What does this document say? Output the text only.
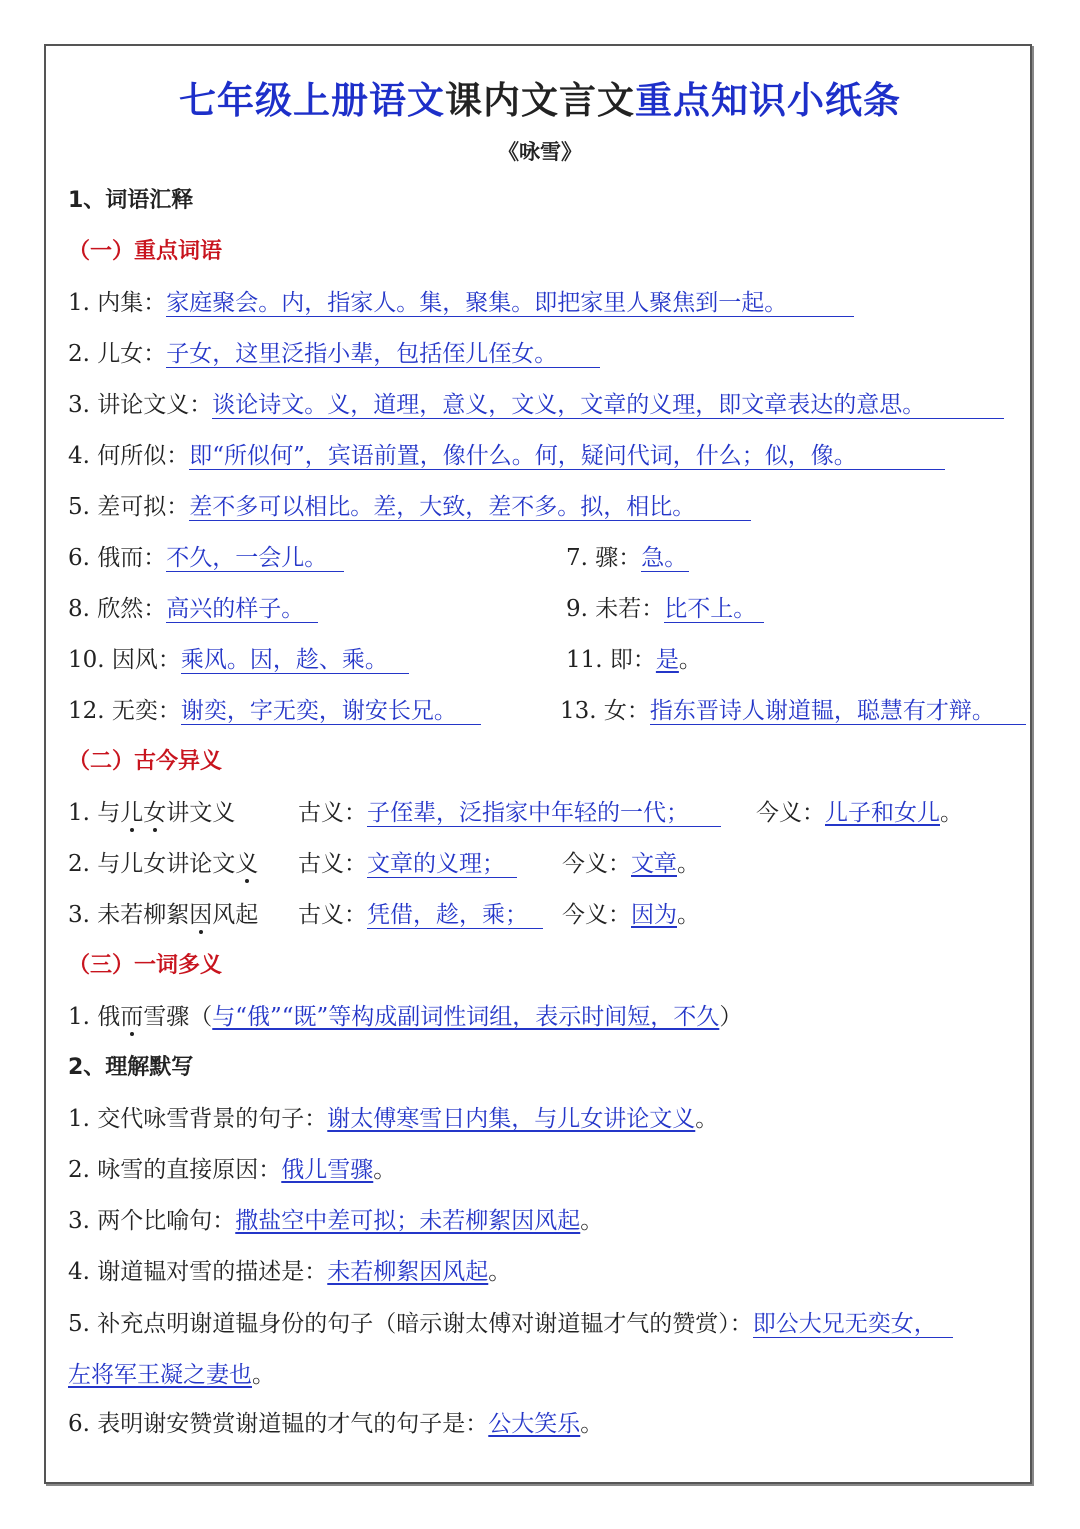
七年级上册语文课内文言文重点知识小纸条
《咏雪》
1、词语汇释
（一）重点词语
1. 内集：家庭聚会。内，指家人。集，聚集。即把家里人聚焦到一起。
2. 儿女：子女，这里泛指小辈，包括侄儿侄女。
3. 讲论文义：谈论诗文。义，道理，意义，文义，文章的义理，即文章表达的意思。
4. 何所似：即“所似何”，宾语前置，像什么。何，疑问代词，什么；似，像。
5. 差可拟：差不多可以相比。差，大致，差不多。拟，相比。
6. 俄而：不久，一会儿。	7. 骤：急。
8. 欣然：高兴的样子。	9. 未若：比不上。
10. 因风：乘风。因，趁、乘。	11. 即：是。
12. 无奕：谢奕，字无奕，谢安长兄。	13. 女：指东晋诗人谢道韫，聪慧有才辩。
（二）古今异义
1. 与儿女讲文义	古义：子侄辈，泛指家中年轻的一代；	今义：儿子和女儿。
2. 与儿女讲论文义 古义：文章的义理；	今义：文章。
3. 未若柳絮因风起 古义：凭借，趁，乘；	今义：因为。
（三）一词多义
1. 俄而雪骤（与“俄”“既”等构成副词性词组，表示时间短，不久）
2、理解默写
1. 交代咏雪背景的句子：谢太傅寒雪日内集，与儿女讲论文义。
2. 咏雪的直接原因：俄儿雪骤。
3. 两个比喻句：撒盐空中差可拟；未若柳絮因风起。
4. 谢道韫对雪的描述是：未若柳絮因风起。
5. 补充点明谢道韫身份的句子（暗示谢太傅对谢道韫才气的赞赏）：即公大兄无奕女，
左将军王凝之妻也。
6. 表明谢安赞赏谢道韫的才气的句子是：公大笑乐。
